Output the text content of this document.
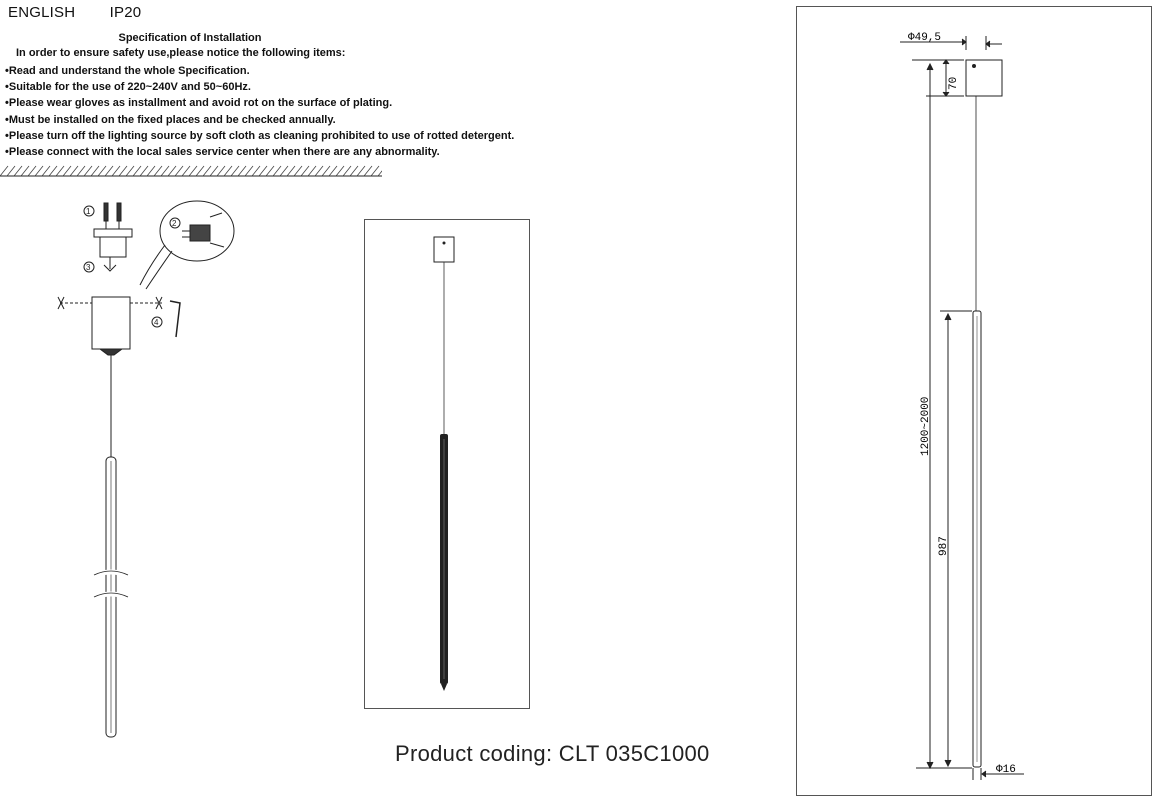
ENGLISH IP20
Specification of Installation
In order to ensure safety use,please notice the following items:
• Read and understand the whole Specification.
• Suitable for the use of 220~240V and 50~60Hz.
• Please wear gloves as installment and avoid rot on the surface of plating.
• Must be installed on the fixed places and be checked annually.
• Please turn off the lighting source by soft cloth as cleaning prohibited to use of rotted detergent.
• Please connect with the local sales service center when there are any abnormality.
1
3
2
4
Product coding: CLT 035C1000
Φ49,5
70
1200~2000
987
Φ16
